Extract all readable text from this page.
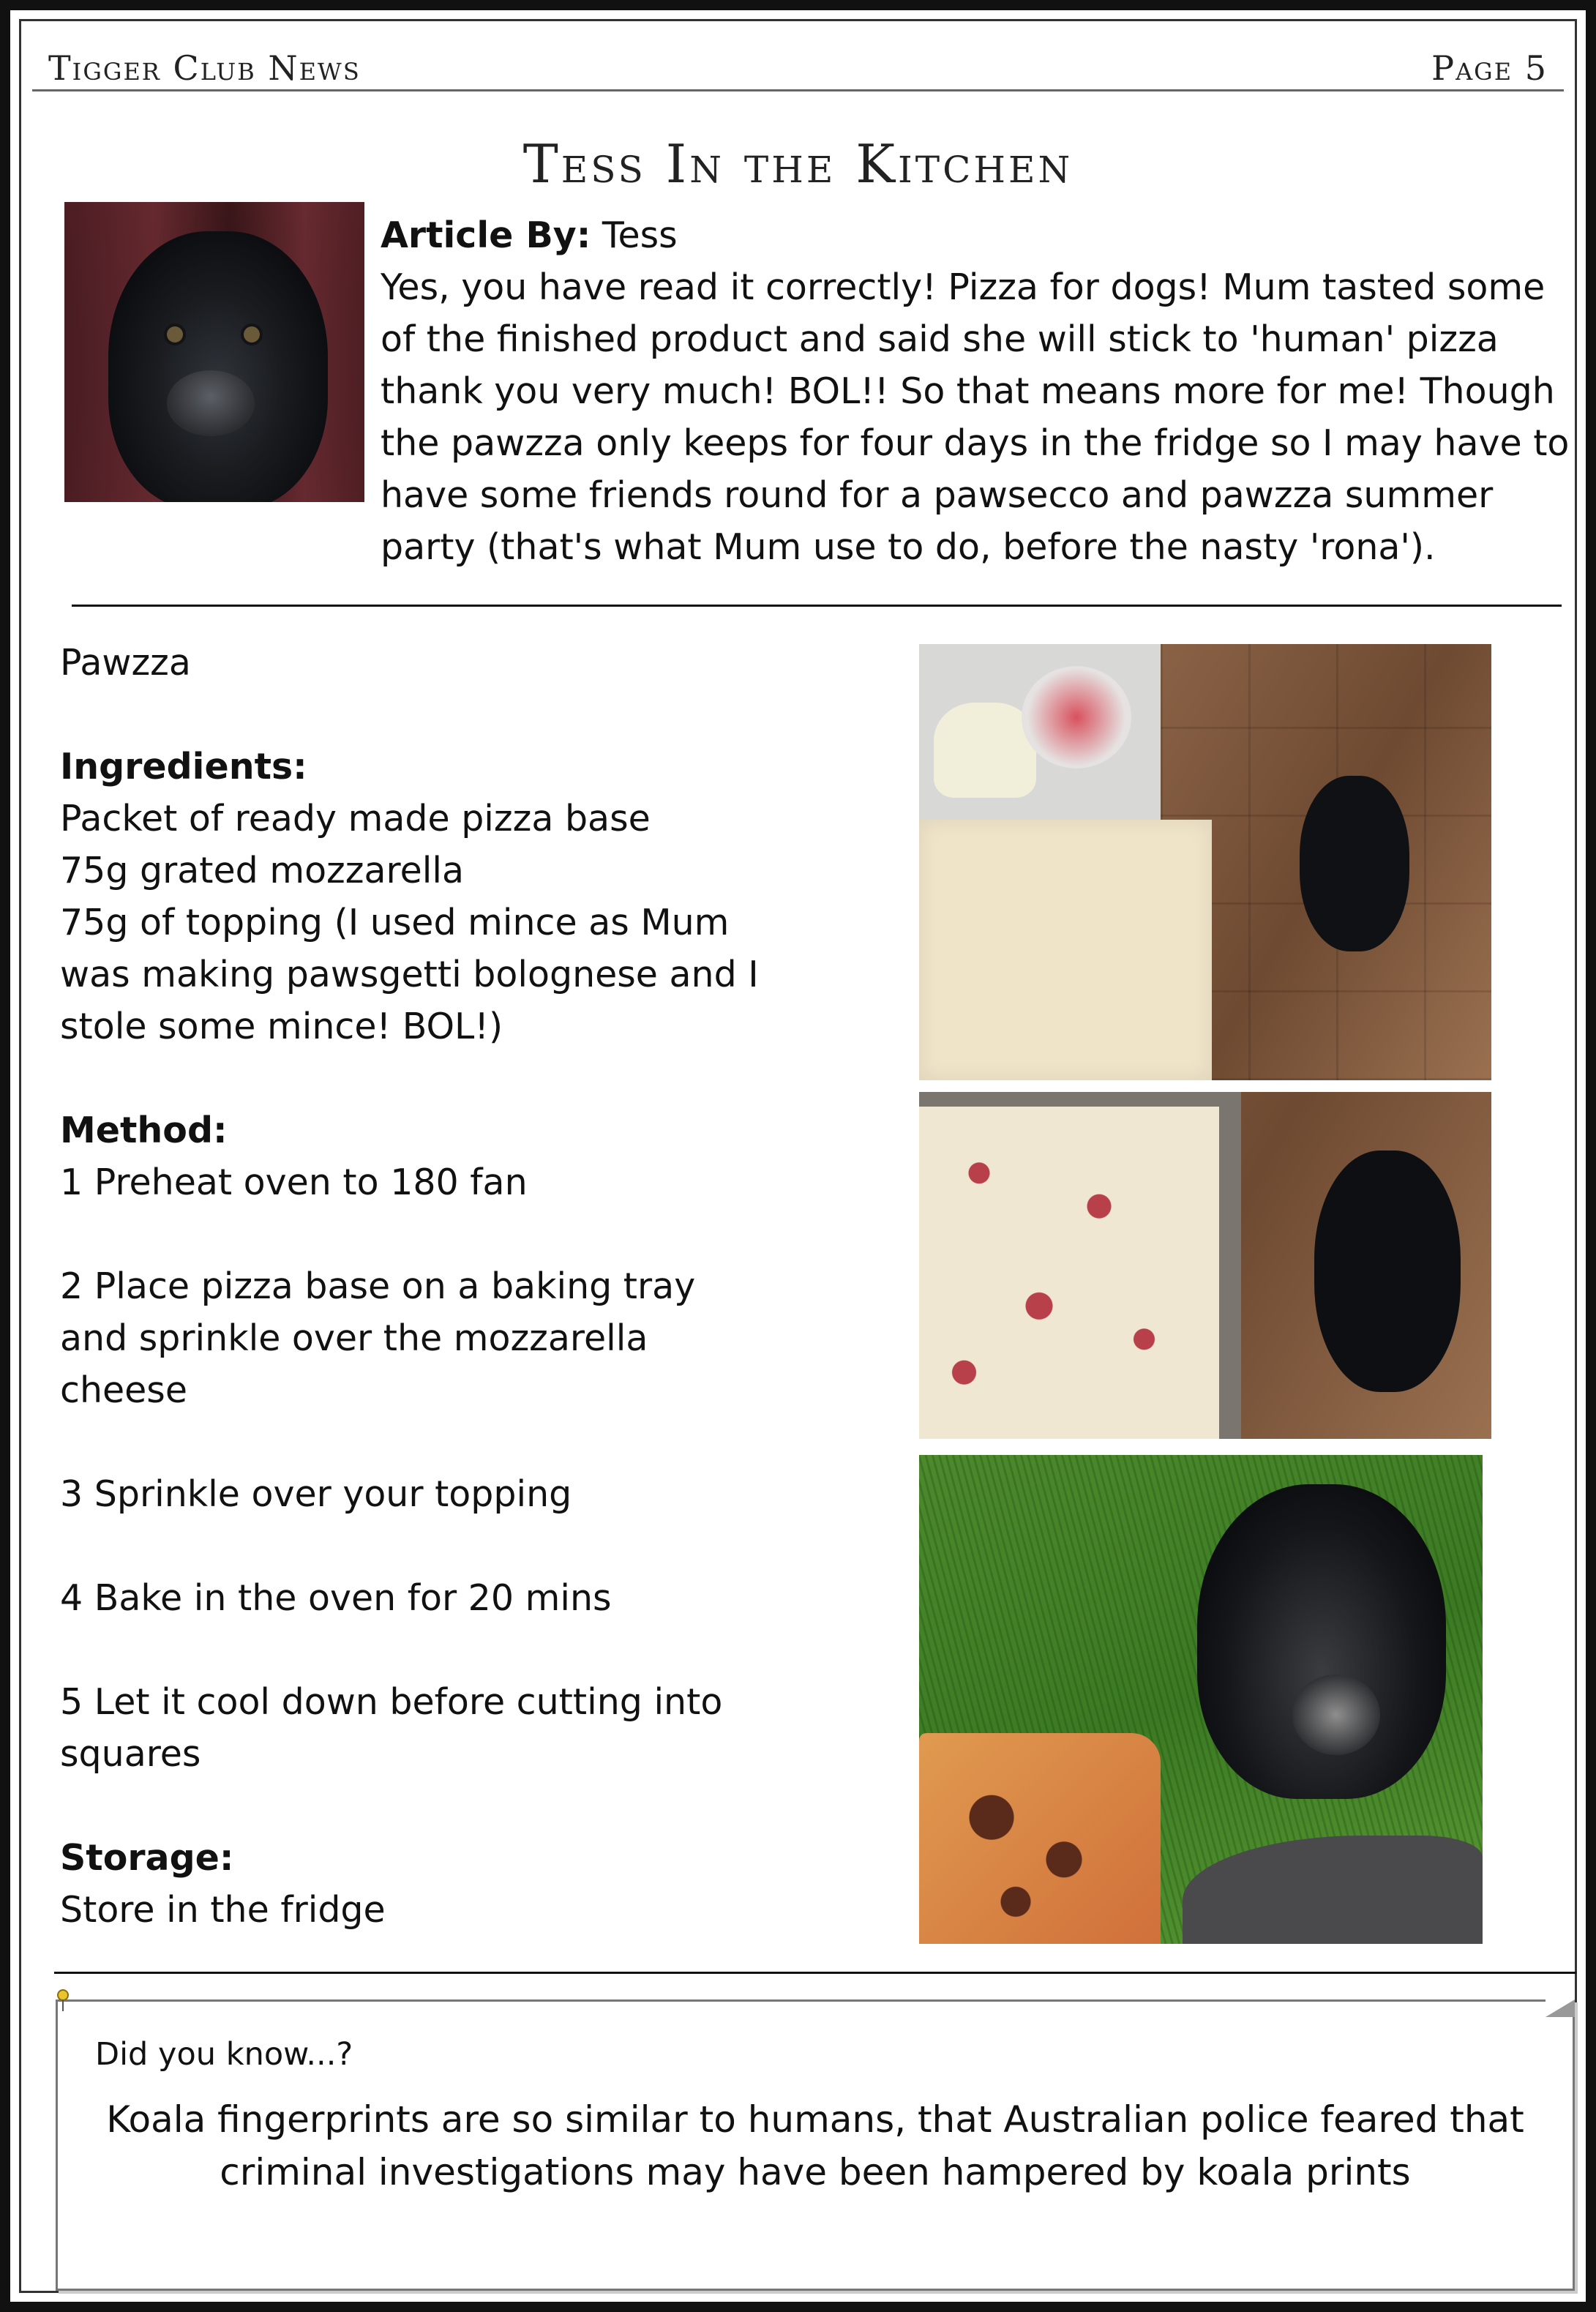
Tigger Club News	Page 5
Tess In the Kitchen
Article By: Tess
Yes, you have read it correctly! Pizza for dogs! Mum tasted some of the finished product and said she will stick to 'human' pizza thank you very much! BOL!! So that means more for me! Though the pawzza only keeps for four days in the fridge so I may have to have some friends round for a pawsecco and pawzza summer party (that's what Mum use to do, before the nasty 'rona').

Pawzza

Ingredients:

Packet of ready made pizza base

75g grated mozzarella

75g of topping (I used mince as Mum was making pawsgetti bolognese and I stole some mince! BOL!)

Method:

1 Preheat oven to 180 fan

2 Place pizza base on a baking tray and sprinkle over the mozzarella cheese

3 Sprinkle over your topping

4 Bake in the oven for 20 mins

5 Let it cool down before cutting into squares

Storage:

Store in the fridge

Did you know...?
Koala fingerprints are so similar to humans, that Australian police feared that criminal investigations may have been hampered by koala prints
